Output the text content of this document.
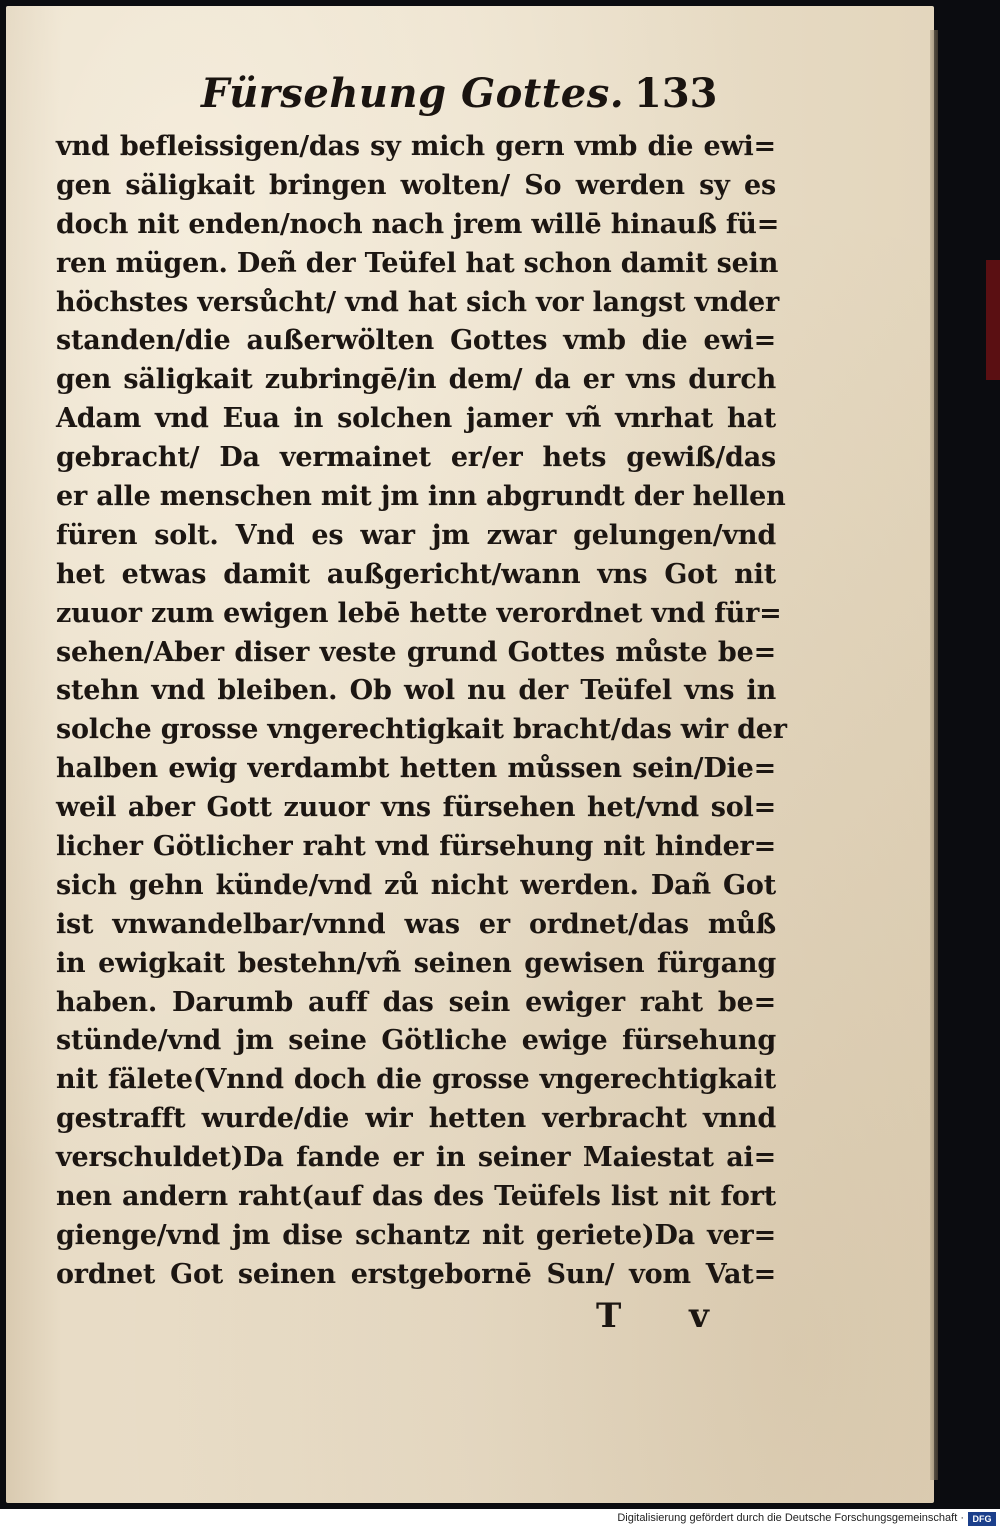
Fürsehung Gottes. 133
vnd befleissigen/das sy mich gern vmb die ewi=
gen säligkait bringen wolten/ So werden sy es
doch nit enden/noch nach jrem willē hinauß fü=
ren mügen. Deñ der Teüfel hat schon damit sein
höchstes versůcht/ vnd hat sich vor langst vnder
standen/die außerwölten Gottes vmb die ewi=
gen säligkait zubringē/in dem/ da er vns durch
Adam vnd Eua in solchen jamer vñ vnrhat hat
gebracht/ Da vermainet er/er hets gewiß/das
er alle menschen mit jm inn abgrundt der hellen
füren solt. Vnd es war jm zwar gelungen/vnd
het etwas damit außgericht/wann vns Got nit
zuuor zum ewigen lebē hette verordnet vnd für=
sehen/Aber diser veste grund Gottes můste be=
stehn vnd bleiben. Ob wol nu der Teüfel vns in
solche grosse vngerechtigkait bracht/das wir der
halben ewig verdambt hetten můssen sein/Die=
weil aber Gott zuuor vns fürsehen het/vnd sol=
licher Götlicher raht vnd fürsehung nit hinder=
sich gehn künde/vnd zů nicht werden. Dañ Got
ist vnwandelbar/vnnd was er ordnet/das můß
in ewigkait bestehn/vñ seinen gewisen fürgang
haben. Darumb auff das sein ewiger raht be=
stünde/vnd jm seine Götliche ewige fürsehung
nit fälete(Vnnd doch die grosse vngerechtigkait
gestrafft wurde/die wir hetten verbracht vnnd
verschuldet)Da fande er in seiner Maiestat ai=
nen andern raht(auf das des Teüfels list nit fort
gienge/vnd jm dise schantz nit geriete)Da ver=
ordnet Got seinen erstgebornē Sun/ vom Vat=
T v
Digitalisierung gefördert durch die Deutsche Forschungsgemeinschaft · DFG
